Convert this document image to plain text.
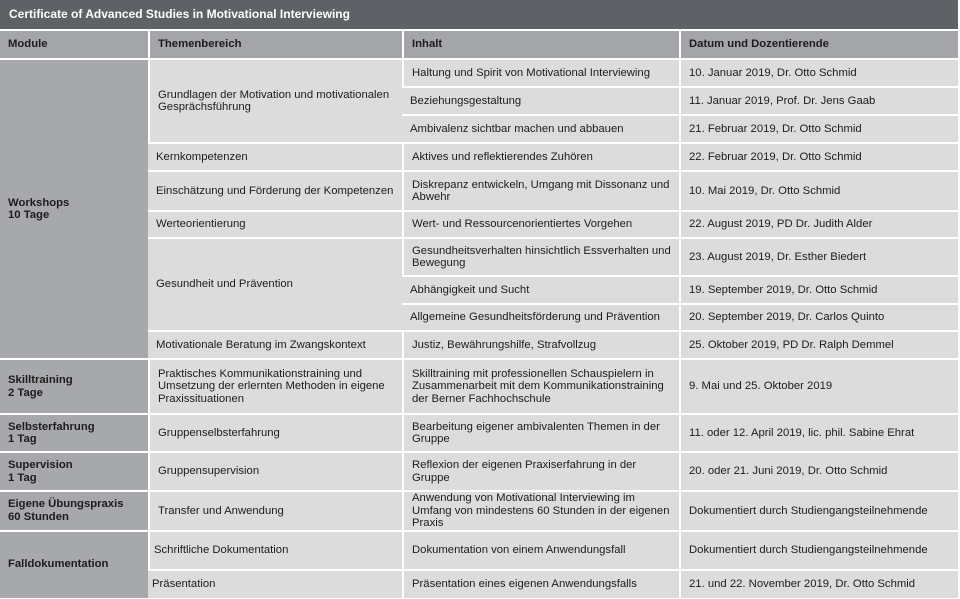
Certificate of Advanced Studies in Motivational Interviewing
Module	Themenbereich	Inhalt	Datum und Dozentierende

Workshops
10 Tage	Grundlagen der Motivation und motivationalen Gesprächsführung	Haltung und Spirit von Motivational Interviewing	10. Januar 2019, Dr. Otto Schmid
		Beziehungsgestaltung	11. Januar 2019, Prof. Dr. Jens Gaab
		Ambivalenz sichtbar machen und abbauen	21. Februar 2019, Dr. Otto Schmid
	Kernkompetenzen	Aktives und reflektierendes Zuhören	22. Februar 2019, Dr. Otto Schmid
	Einschätzung und Förderung der Kompetenzen	Diskrepanz entwickeln, Umgang mit Dissonanz und Abwehr	10. Mai 2019, Dr. Otto Schmid
	Werteorientierung	Wert- und Ressourcenorientiertes Vorgehen	22. August 2019, PD Dr. Judith Alder
	Gesundheit und Prävention	Gesundheitsverhalten hinsichtlich Essverhalten und Bewegung	23. August 2019, Dr. Esther Biedert
		Abhängigkeit und Sucht	19. September 2019, Dr. Otto Schmid
		Allgemeine Gesundheitsförderung und Prävention	20. September 2019, Dr. Carlos Quinto
	Motivationale Beratung im Zwangskontext	Justiz, Bewährungshilfe, Strafvollzug	25. Oktober 2019, PD Dr. Ralph Demmel

Skilltraining
2 Tage	Praktisches Kommunikationstraining und Umsetzung der erlernten Methoden in eigene Praxissituationen	Skilltraining mit professionellen Schauspielern in Zusammenarbeit mit dem Kommunikationstraining der Berner Fachhochschule	9. Mai und 25. Oktober 2019

Selbsterfahrung
1 Tag	Gruppenselbsterfahrung	Bearbeitung eigener ambivalenten Themen in der Gruppe	11. oder 12. April 2019, lic. phil. Sabine Ehrat

Supervision
1 Tag	Gruppensupervision	Reflexion der eigenen Praxiserfahrung in der Gruppe	20. oder 21. Juni 2019, Dr. Otto Schmid

Eigene Übungspraxis
60 Stunden	Transfer und Anwendung	Anwendung von Motivational Interviewing im Umfang von mindestens 60 Stunden in der eigenen Praxis	Dokumentiert durch Studiengangsteilnehmende

Falldokumentation	Schriftliche Dokumentation	Dokumentation von einem Anwendungsfall	Dokumentiert durch Studiengangsteilnehmende
	Präsentation	Präsentation eines eigenen Anwendungsfalls	21. und 22. November 2019, Dr. Otto Schmid
